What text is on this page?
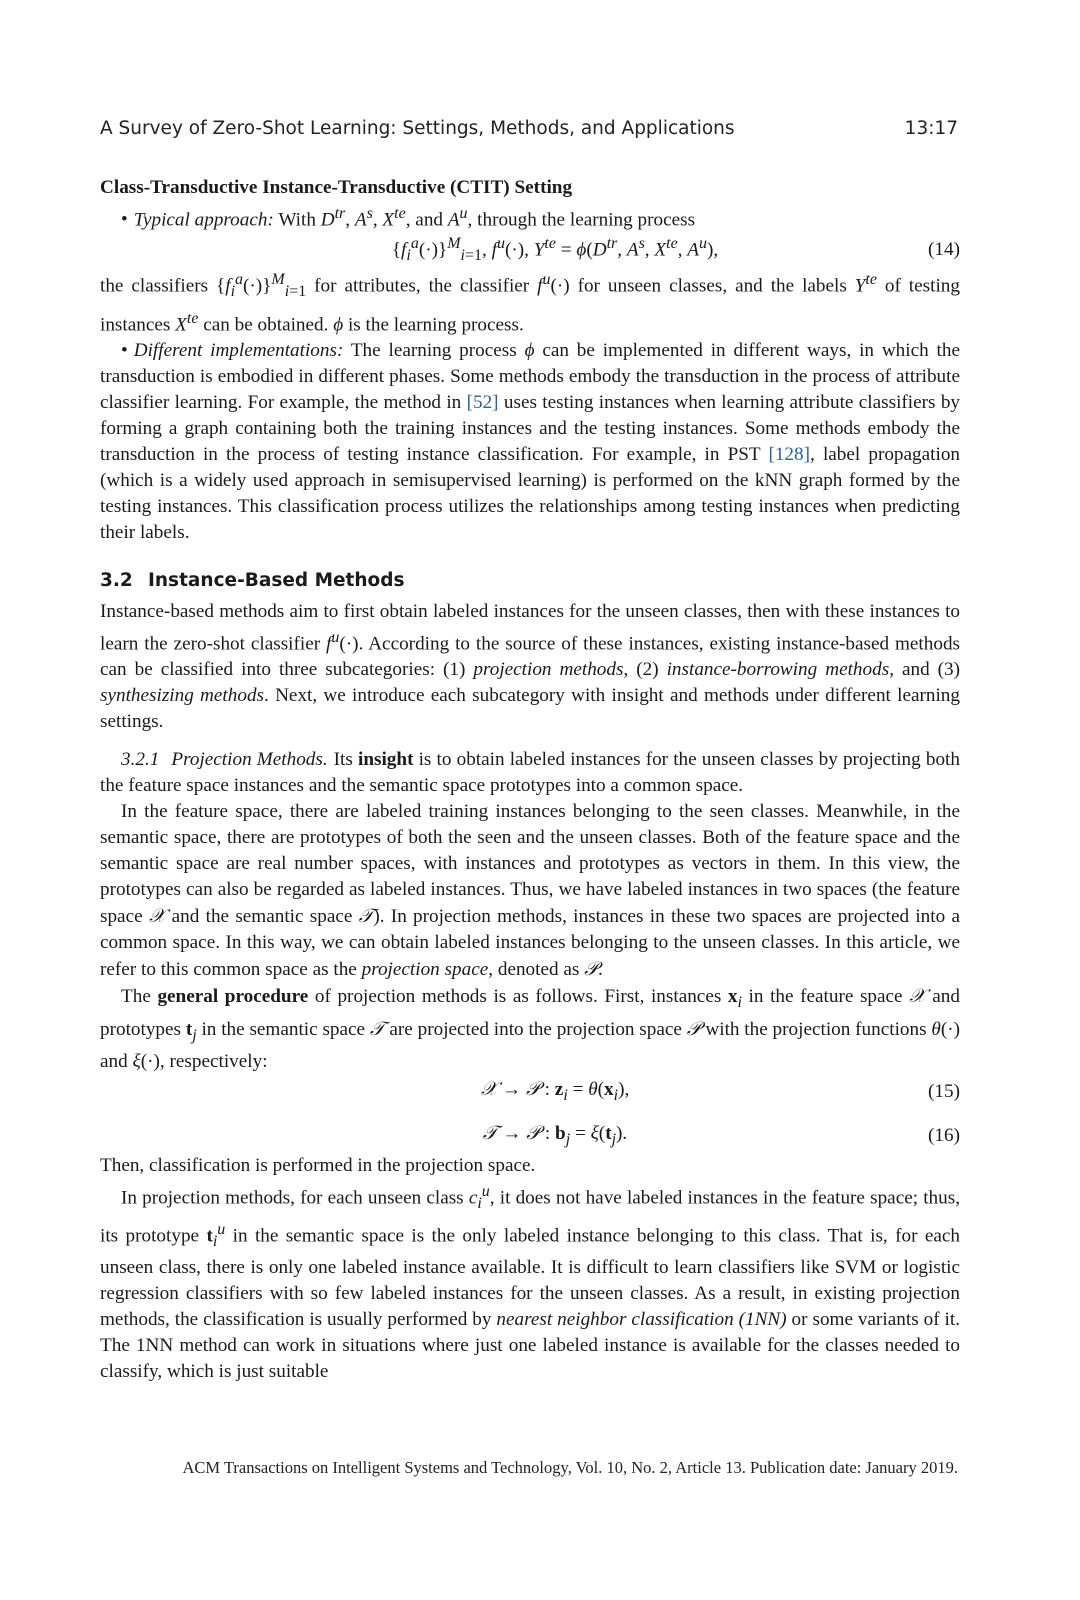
A Survey of Zero-Shot Learning: Settings, Methods, and Applications	13:17

Class-Transductive Instance-Transductive (CTIT) Setting

• Typical approach: With $D^{tr}$, $A^s$, $X^{te}$, and $A^u$, through the learning process

$\{f_i^a(\cdot)\}^M_{i=1}$, $f^u(\cdot)$, $Y^{te} = \phi(D^{tr}$, $A^s$, $X^{te}$, $A^u$),	(14)

the classifiers $\{f_i^a(\cdot)\}^M_{i=1}$ for attributes, the classifier $f^u(\cdot)$ for unseen classes, and the labels $Y^{te}$ of testing instances $X^{te}$ can be obtained. ϕ is the learning process.

• Different implementations: The learning process ϕ can be implemented in different ways, in which the transduction is embodied in different phases. Some methods embody the transduction in the process of attribute classifier learning. For example, the method in [52] uses testing instances when learning attribute classifiers by forming a graph containing both the training instances and the testing instances. Some methods embody the transduction in the process of testing instance classification. For example, in PST [128], label propagation (which is a widely used approach in semisupervised learning) is performed on the kNN graph formed by the testing instances. This classification process utilizes the relationships among testing instances when predicting their labels.

3.2 Instance-Based Methods

Instance-based methods aim to first obtain labeled instances for the unseen classes, then with these instances to learn the zero-shot classifier $f^u(\cdot)$. According to the source of these instances, existing instance-based methods can be classified into three subcategories: (1) projection methods, (2) instance-borrowing methods, and (3) synthesizing methods. Next, we introduce each subcategory with insight and methods under different learning settings.

3.2.1 Projection Methods. Its insight is to obtain labeled instances for the unseen classes by projecting both the feature space instances and the semantic space prototypes into a common space.

In the feature space, there are labeled training instances belonging to the seen classes. Meanwhile, in the semantic space, there are prototypes of both the seen and the unseen classes. Both of the feature space and the semantic space are real number spaces, with instances and prototypes as vectors in them. In this view, the prototypes can also be regarded as labeled instances. Thus, we have labeled instances in two spaces (the feature space 𝒳 and the semantic space 𝒯). In projection methods, instances in these two spaces are projected into a common space. In this way, we can obtain labeled instances belonging to the unseen classes. In this article, we refer to this common space as the projection space, denoted as 𝒫.

The general procedure of projection methods is as follows. First, instances $x_i$ in the feature space 𝒳 and prototypes $t_j$ in the semantic space 𝒯 are projected into the projection space 𝒫 with the projection functions θ(·) and ξ(·), respectively:

𝒳 → 𝒫 : $z_i = \theta(x_i)$,	(15)
𝒯 → 𝒫 : $b_j = \xi(t_j)$.	(16)

Then, classification is performed in the projection space.

In projection methods, for each unseen class $c_i^u$, it does not have labeled instances in the feature space; thus, its prototype $t_i^u$ in the semantic space is the only labeled instance belonging to this class. That is, for each unseen class, there is only one labeled instance available. It is difficult to learn classifiers like SVM or logistic regression classifiers with so few labeled instances for the unseen classes. As a result, in existing projection methods, the classification is usually performed by nearest neighbor classification (1NN) or some variants of it. The 1NN method can work in situations where just one labeled instance is available for the classes needed to classify, which is just suitable

ACM Transactions on Intelligent Systems and Technology, Vol. 10, No. 2, Article 13. Publication date: January 2019.
